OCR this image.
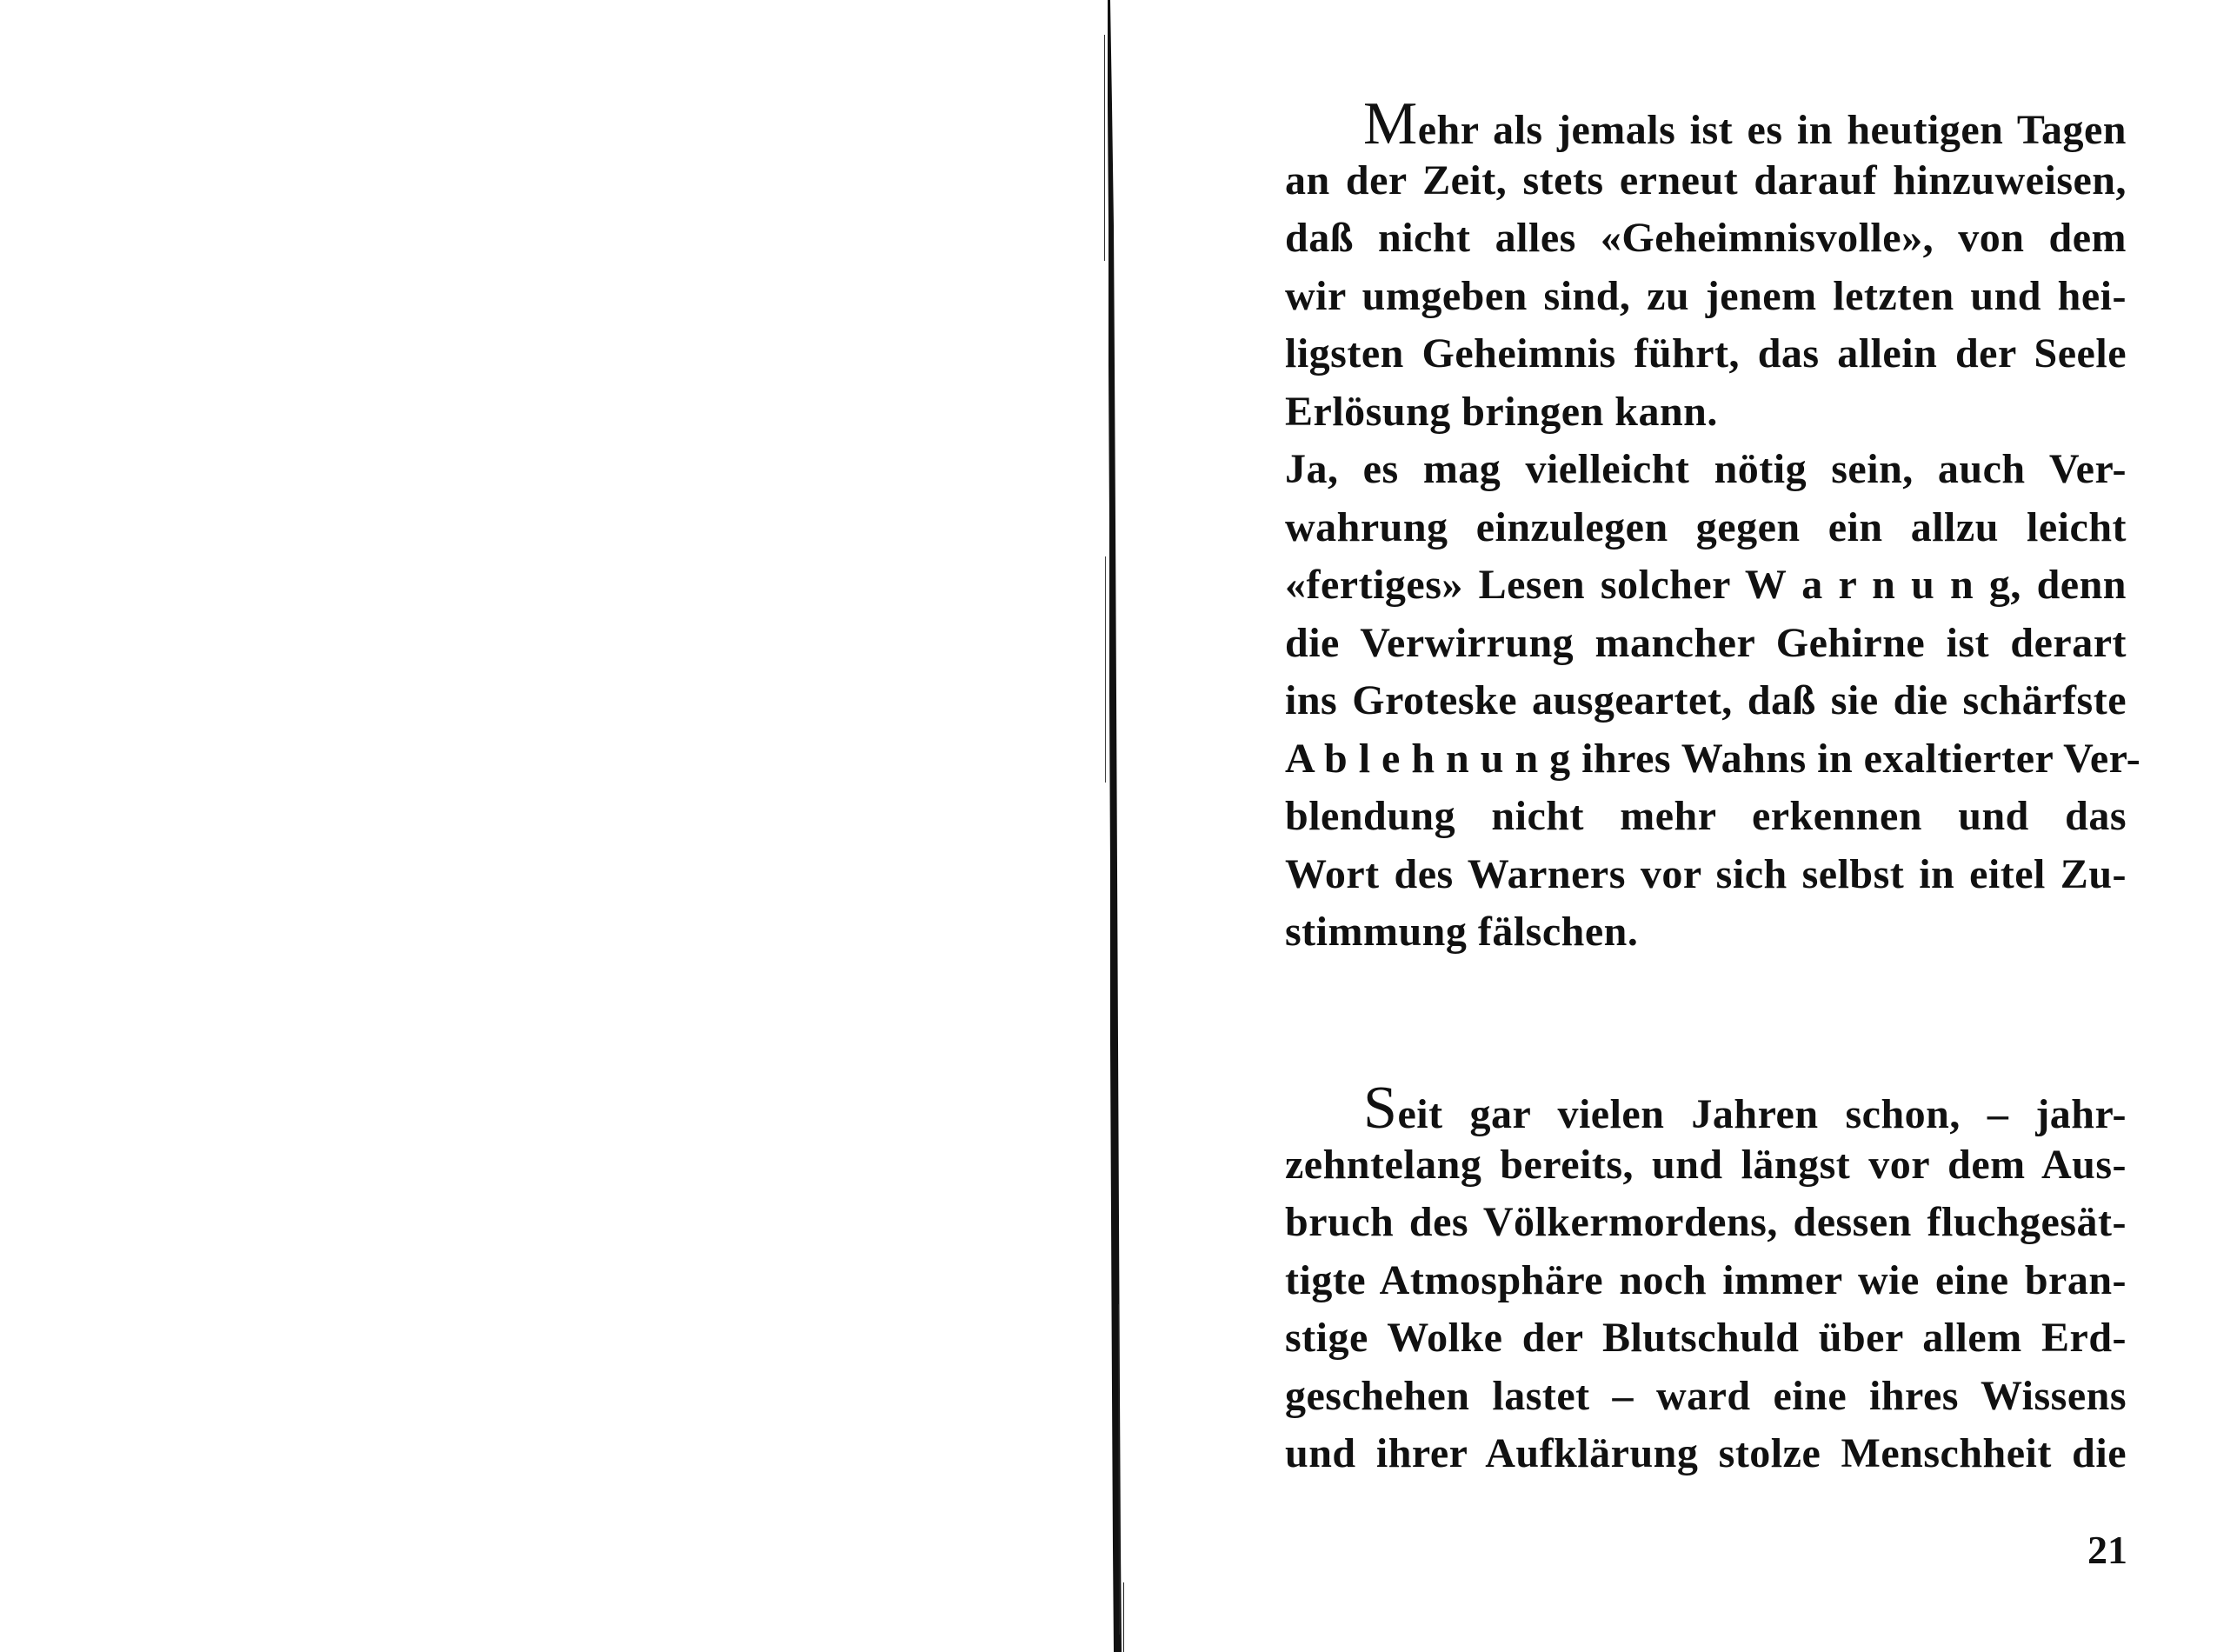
Mehr als jemals ist es in heutigen Tagen
an der Zeit, stets erneut darauf hinzuweisen,
daß nicht alles «Geheimnisvolle», von dem
wir umgeben sind, zu jenem letzten und hei-
ligsten Geheimnis führt, das allein der Seele
Erlösung bringen kann.
Ja, es mag vielleicht nötig sein, auch Ver-
wahrung einzulegen gegen ein allzu leicht
«fertiges» Lesen solcher W a r n u n g, denn
die Verwirrung mancher Gehirne ist derart
ins Groteske ausgeartet, daß sie die schärfste
A b l e h n u n g ihres Wahns in exaltierter Ver-
blendung nicht mehr erkennen und das
Wort des Warners vor sich selbst in eitel Zu-
stimmung fälschen.
Seit gar vielen Jahren schon, – jahr-
zehntelang bereits, und längst vor dem Aus-
bruch des Völkermordens, dessen fluchgesät-
tigte Atmosphäre noch immer wie eine bran-
stige Wolke der Blutschuld über allem Erd-
geschehen lastet – ward eine ihres Wissens
und ihrer Aufklärung stolze Menschheit die
21
